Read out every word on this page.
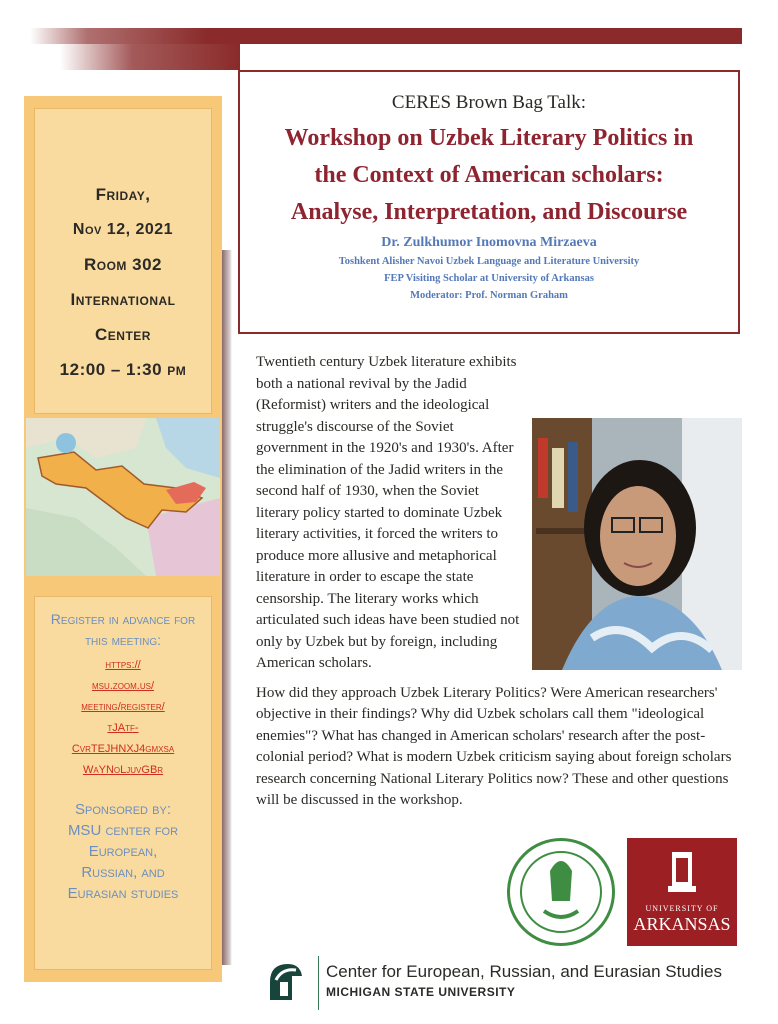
Friday,

Nov 12, 2021

Room 302

International

Center

12:00 – 1:30 pm

Register in advance for this meeting:
https://
msu.zoom.us/
meeting/register/
tJAtf-
CvrTEJHNXJ4gmxsa
WaYNoLjuvGBr
Sponsored by:
MSU center for
European,
Russian, and
Eurasian studies
CERES Brown Bag Talk:
Workshop on Uzbek Literary Politics in
the Context of American scholars:
Analyse, Interpretation, and Discourse
Dr. Zulkhumor Inomovna Mirzaeva
Toshkent Alisher Navoi Uzbek Language and Literature University
FEP Visiting Scholar at University of Arkansas
Moderator: Prof. Norman Graham

Twentieth century Uzbek literature exhibits both a national revival by the Jadid (Reformist) writers and the ideological struggle's discourse of the Soviet government in the 1920's and 1930's. After the elimination of the Jadid writers in the second half of 1930, when the Soviet literary policy started to dominate Uzbek literary activities, it forced the writers to produce more allusive and metaphorical literature in order to escape the state censorship. The literary works which articulated such ideas have been studied not only by Uzbek but by foreign, including American scholars.

How did they approach Uzbek Literary Politics? Were American researchers' objective in their findings? Why did Uzbek scholars call them "ideological enemies"? What has changed in American scholars' research after the post-colonial period? What is modern Uzbek criticism saying about foreign scholars research concerning National Literary Politics now? These and other questions will be discussed in the workshop.

UNIVERSITY OF
ARKANSAS
Center for European, Russian, and Eurasian Studies
MICHIGAN STATE UNIVERSITY
